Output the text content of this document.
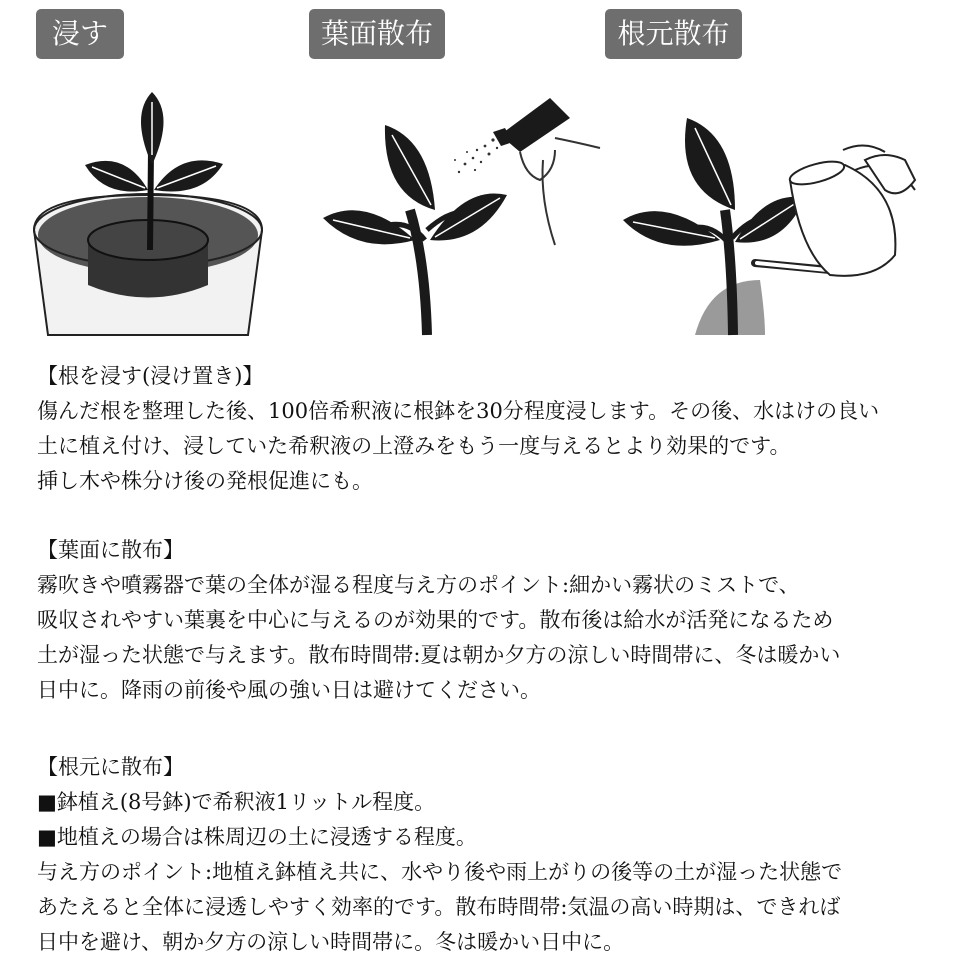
浸す	葉面散布	根元散布
【根を浸す(浸け置き)】
傷んだ根を整理した後、100倍希釈液に根鉢を30分程度浸します。その後、水はけの良い
土に植え付け、浸していた希釈液の上澄みをもう一度与えるとより効果的です。
挿し木や株分け後の発根促進にも。
【葉面に散布】
霧吹きや噴霧器で葉の全体が湿る程度与え方のポイント:細かい霧状のミストで、
吸収されやすい葉裏を中心に与えるのが効果的です。散布後は給水が活発になるため
土が湿った状態で与えます。散布時間帯:夏は朝か夕方の涼しい時間帯に、冬は暖かい
日中に。降雨の前後や風の強い日は避けてください。
【根元に散布】
■鉢植え(8号鉢)で希釈液1リットル程度。
■地植えの場合は株周辺の土に浸透する程度。
与え方のポイント:地植え鉢植え共に、水やり後や雨上がりの後等の土が湿った状態で
あたえると全体に浸透しやすく効率的です。散布時間帯:気温の高い時期は、できれば
日中を避け、朝か夕方の涼しい時間帯に。冬は暖かい日中に。
